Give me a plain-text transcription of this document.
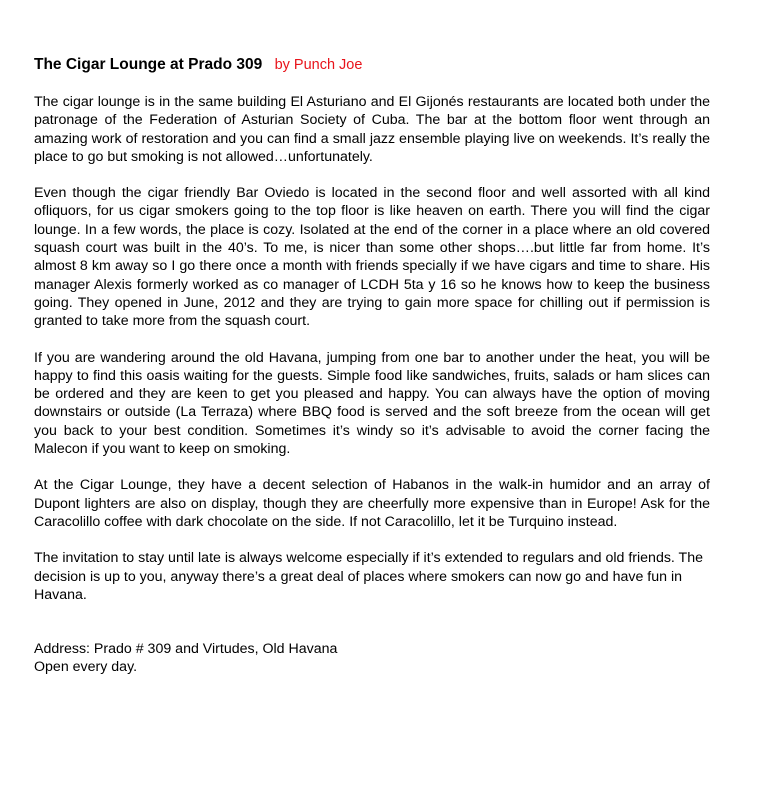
The Cigar Lounge at Prado 309 by Punch Joe

The cigar lounge is in the same building El Asturiano and El Gijonés restaurants are located both under the patronage of the Federation of Asturian Society of Cuba. The bar at the bottom floor went through an amazing work of restoration and you can find a small jazz ensemble playing live on weekends. It’s really the place to go but smoking is not allowed…unfortunately.

Even though the cigar friendly Bar Oviedo is located in the second floor and well assorted with all kind ofliquors, for us cigar smokers going to the top floor is like heaven on earth. There you will find the cigar lounge. In a few words, the place is cozy. Isolated at the end of the corner in a place where an old covered squash court was built in the 40’s. To me, is nicer than some other shops….but little far from home. It’s almost 8 km away so I go there once a month with friends specially if we have cigars and time to share. His manager Alexis formerly worked as co manager of LCDH 5ta y 16 so he knows how to keep the business going. They opened in June, 2012 and they are trying to gain more space for chilling out if permission is granted to take more from the squash court.

If you are wandering around the old Havana, jumping from one bar to another under the heat, you will be happy to find this oasis waiting for the guests. Simple food like sandwiches, fruits, salads or ham slices can be ordered and they are keen to get you pleased and happy. You can always have the option of moving downstairs or outside (La Terraza) where BBQ food is served and the soft breeze from the ocean will get you back to your best condition. Sometimes it’s windy so it’s advisable to avoid the corner facing the Malecon if you want to keep on smoking.

At the Cigar Lounge, they have a decent selection of Habanos in the walk-in humidor and an array of Dupont lighters are also on display, though they are cheerfully more expensive than in Europe! Ask for the Caracolillo coffee with dark chocolate on the side. If not Caracolillo, let it be Turquino instead.

The invitation to stay until late is always welcome especially if it’s extended to regulars and old friends. The decision is up to you, anyway there’s a great deal of places where smokers can now go and have fun in Havana.

Address: Prado # 309 and Virtudes, Old Havana
Open every day.
